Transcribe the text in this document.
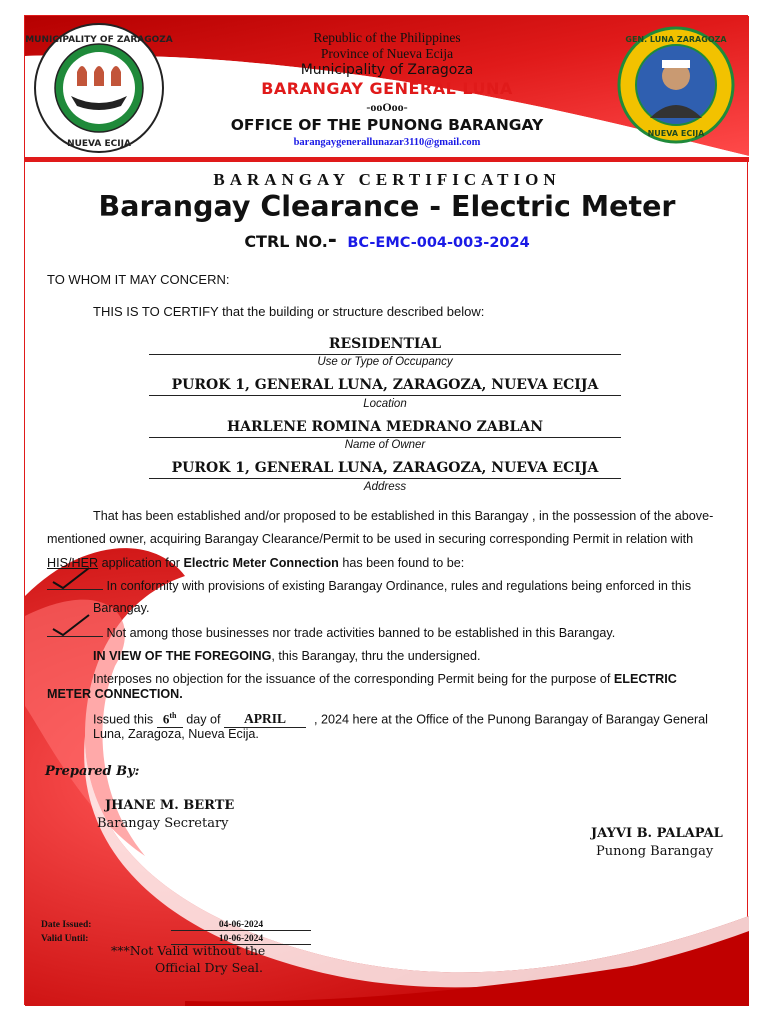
MUNICIPALITY OF ZARAGOZA
NUEVA ECIJA
GEN. LUNA ZARAGOZA
NUEVA ECIJA
Republic of the Philippines
Province of Nueva Ecija
Municipality of Zaragoza
BARANGAY GENERAL LUNA
-ooOoo-
OFFICE OF THE PUNONG BARANGAY
barangaygenerallunazar3110@gmail.com
BARANGAY CERTIFICATION
Barangay Clearance - Electric Meter
CTRL NO.- BC-EMC-004-003-2024
TO WHOM IT MAY CONCERN:
THIS IS TO CERTIFY that the building or structure described below:
RESIDENTIAL
Use or Type of Occupancy
PUROK 1, GENERAL LUNA, ZARAGOZA, NUEVA ECIJA
Location
HARLENE ROMINA MEDRANO ZABLAN
Name of Owner
PUROK 1, GENERAL LUNA, ZARAGOZA, NUEVA ECIJA
Address
That has been established and/or proposed to be established in this Barangay , in the possession of the above-
mentioned owner, acquiring Barangay Clearance/Permit to be used in securing corresponding Permit in relation with
HIS/HER application for Electric Meter Connection has been found to be:
In conformity with provisions of existing Barangay Ordinance, rules and regulations being enforced in this
Barangay.
Not among those businesses nor trade activities banned to be established in this Barangay.
IN VIEW OF THE FOREGOING, this Barangay, thru the undersigned.
Interposes no objection for the issuance of the corresponding Permit being for the purpose of ELECTRIC
METER CONNECTION.
Issued this 6th day of APRIL , 2024 here at the Office of the Punong Barangay of Barangay General
Luna, Zaragoza, Nueva Ecija.
Prepared By:
JHANE M. BERTE
Barangay Secretary
JAYVI B. PALAPAL
Punong Barangay
Date Issued:	04-06-2024
Valid Until:	10-06-2024
***Not Valid without the
Official Dry Seal.
